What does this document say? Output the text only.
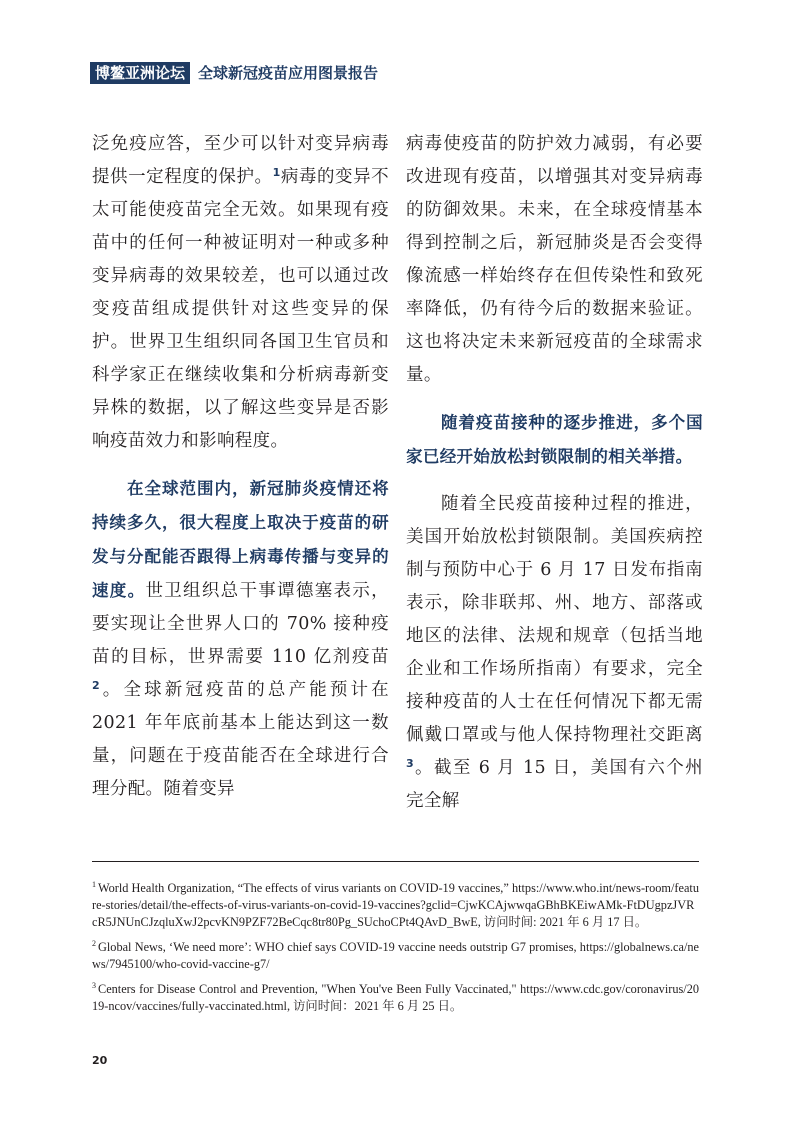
博鳌亚洲论坛 全球新冠疫苗应用图景报告

泛免疫应答，至少可以针对变异病毒提供一定程度的保护。$^1$病毒的变异不太可能使疫苗完全无效。如果现有疫苗中的任何一种被证明对一种或多种变异病毒的效果较差，也可以通过改变疫苗组成提供针对这些变异的保护。世界卫生组织同各国卫生官员和科学家正在继续收集和分析病毒新变异株的数据，以了解这些变异是否影响疫苗效力和影响程度。

在全球范围内，新冠肺炎疫情还将持续多久，很大程度上取决于疫苗的研发与分配能否跟得上病毒传播与变异的速度。世卫组织总干事谭德塞表示，要实现让全世界人口的 70% 接种疫苗的目标，世界需要 110 亿剂疫苗$^2$。全球新冠疫苗的总产能预计在 2021 年年底前基本上能达到这一数量，问题在于疫苗能否在全球进行合理分配。随着变异

病毒使疫苗的防护效力减弱，有必要改进现有疫苗，以增强其对变异病毒的防御效果。未来，在全球疫情基本得到控制之后，新冠肺炎是否会变得像流感一样始终存在但传染性和致死率降低，仍有待今后的数据来验证。这也将决定未来新冠疫苗的全球需求量。

随着疫苗接种的逐步推进，多个国家已经开始放松封锁限制的相关举措。

随着全民疫苗接种过程的推进，美国开始放松封锁限制。美国疾病控制与预防中心于 6 月 17 日发布指南表示，除非联邦、州、地方、部落或地区的法律、法规和规章（包括当地企业和工作场所指南）有要求，完全接种疫苗的人士在任何情况下都无需佩戴口罩或与他人保持物理社交距离$^3$。截至 6 月 15 日，美国有六个州完全解

$^1$ World Health Organization, “The effects of virus variants on COVID-19 vaccines,” https://www.who.int/news-room/feature-stories/detail/the-effects-of-virus-variants-on-covid-19-vaccines?gclid=CjwKCAjwwqaGBhBKEiwAMk-FtDUgpzJVRcR5JNUnCJzqluXwJ2pcvKN9PZF72BeCqc8tr80Pg_SUchoCPt4QAvD_BwE, 访问时间: 2021 年 6 月 17 日。

$^2$ Global News, ‘We need more’: WHO chief says COVID-19 vaccine needs outstrip G7 promises, https://globalnews.ca/news/7945100/who-covid-vaccine-g7/

$^3$ Centers for Disease Control and Prevention, "When You've Been Fully Vaccinated," https://www.cdc.gov/coronavirus/2019-ncov/vaccines/fully-vaccinated.html, 访问时间：2021 年 6 月 25 日。

20
